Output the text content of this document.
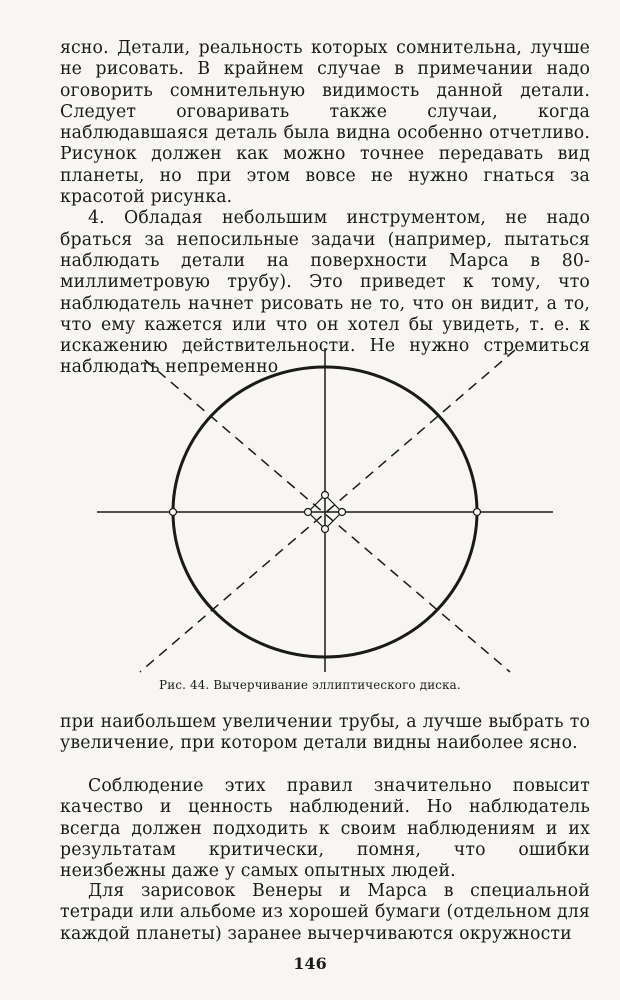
ясно. Детали, реальность которых сомнительна, лучше не рисовать. В крайнем случае в примечании надо оговорить сомнительную видимость данной детали. Следует оговаривать также случаи, когда наблюдавшаяся деталь была видна особенно отчетливо. Рисунок должен как можно точнее передавать вид планеты, но при этом вовсе не нужно гнаться за красотой рисунка.

4. Обладая небольшим инструментом, не надо браться за непосильные задачи (например, пытаться наблюдать детали на поверхности Марса в 80-миллиметровую трубу). Это приведет к тому, что наблюдатель начнет рисовать не то, что он видит, а то, что ему кажется или что он хотел бы увидеть, т. е. к искажению действительности. Не нужно стремиться наблюдать непременно

Рис. 44. Вычерчивание эллиптического диска.

при наибольшем увеличении трубы, а лучше выбрать то увеличение, при котором детали видны наиболее ясно.

Соблюдение этих правил значительно повысит качество и ценность наблюдений. Но наблюдатель всегда должен подходить к своим наблюдениям и их результатам критически, помня, что ошибки неизбежны даже у самых опытных людей.

Для зарисовок Венеры и Марса в специальной тетради или альбоме из хорошей бумаги (отдельном для каждой планеты) заранее вычерчиваются окружности

146
